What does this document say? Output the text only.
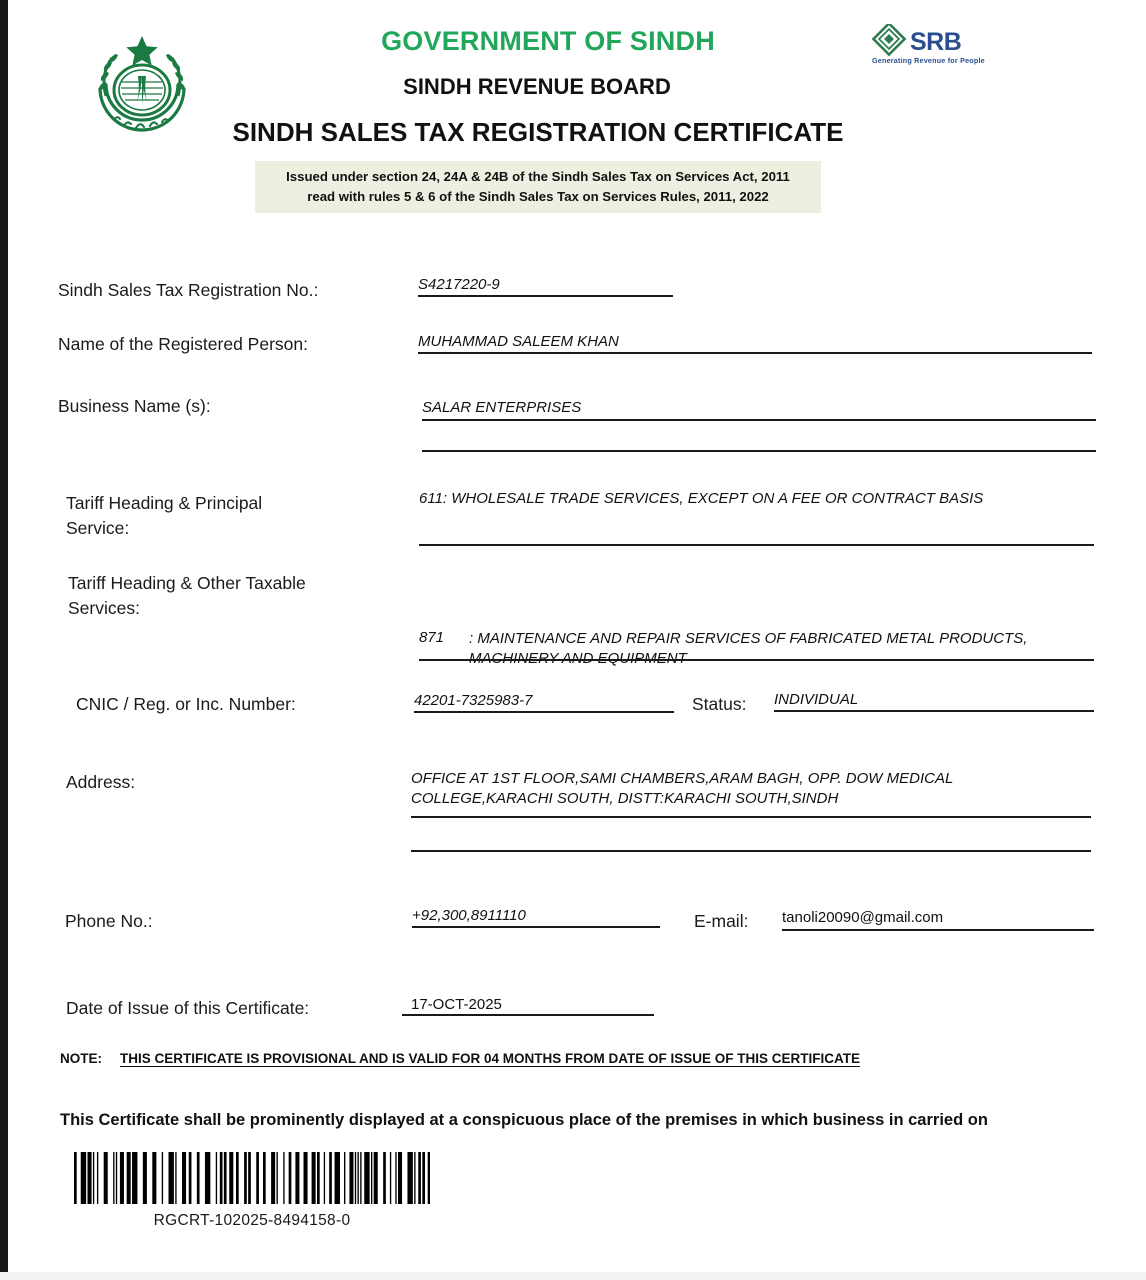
SRB
Generating Revenue for People
GOVERNMENT OF SINDH
SINDH REVENUE BOARD
SINDH SALES TAX REGISTRATION CERTIFICATE
Issued under section 24, 24A & 24B of the Sindh Sales Tax on Services Act, 2011
read with rules 5 & 6 of the Sindh Sales Tax on Services Rules, 2011, 2022
Sindh Sales Tax Registration No.:	S4217220-9
Name of the Registered Person:	MUHAMMAD SALEEM KHAN
Business Name (s):	SALAR ENTERPRISES
Tariff Heading & Principal
Service:
611: WHOLESALE TRADE SERVICES, EXCEPT ON A FEE OR CONTRACT BASIS
Tariff Heading & Other Taxable
Services:
871 : MAINTENANCE AND REPAIR SERVICES OF FABRICATED METAL PRODUCTS, MACHINERY AND EQUIPMENT
CNIC / Reg. or Inc. Number:	42201-7325983-7	Status: INDIVIDUAL
Address:	OFFICE AT 1ST FLOOR,SAMI CHAMBERS,ARAM BAGH, OPP. DOW MEDICAL COLLEGE,KARACHI SOUTH, DISTT:KARACHI SOUTH,SINDH
Phone No.:	+92,300,8911110	E-mail: tanoli20090@gmail.com
Date of Issue of this Certificate:	17-OCT-2025
NOTE: THIS CERTIFICATE IS PROVISIONAL AND IS VALID FOR 04 MONTHS FROM DATE OF ISSUE OF THIS CERTIFICATE
This Certificate shall be prominently displayed at a conspicuous place of the premises in which business in carried on
RGCRT-102025-8494158-0
